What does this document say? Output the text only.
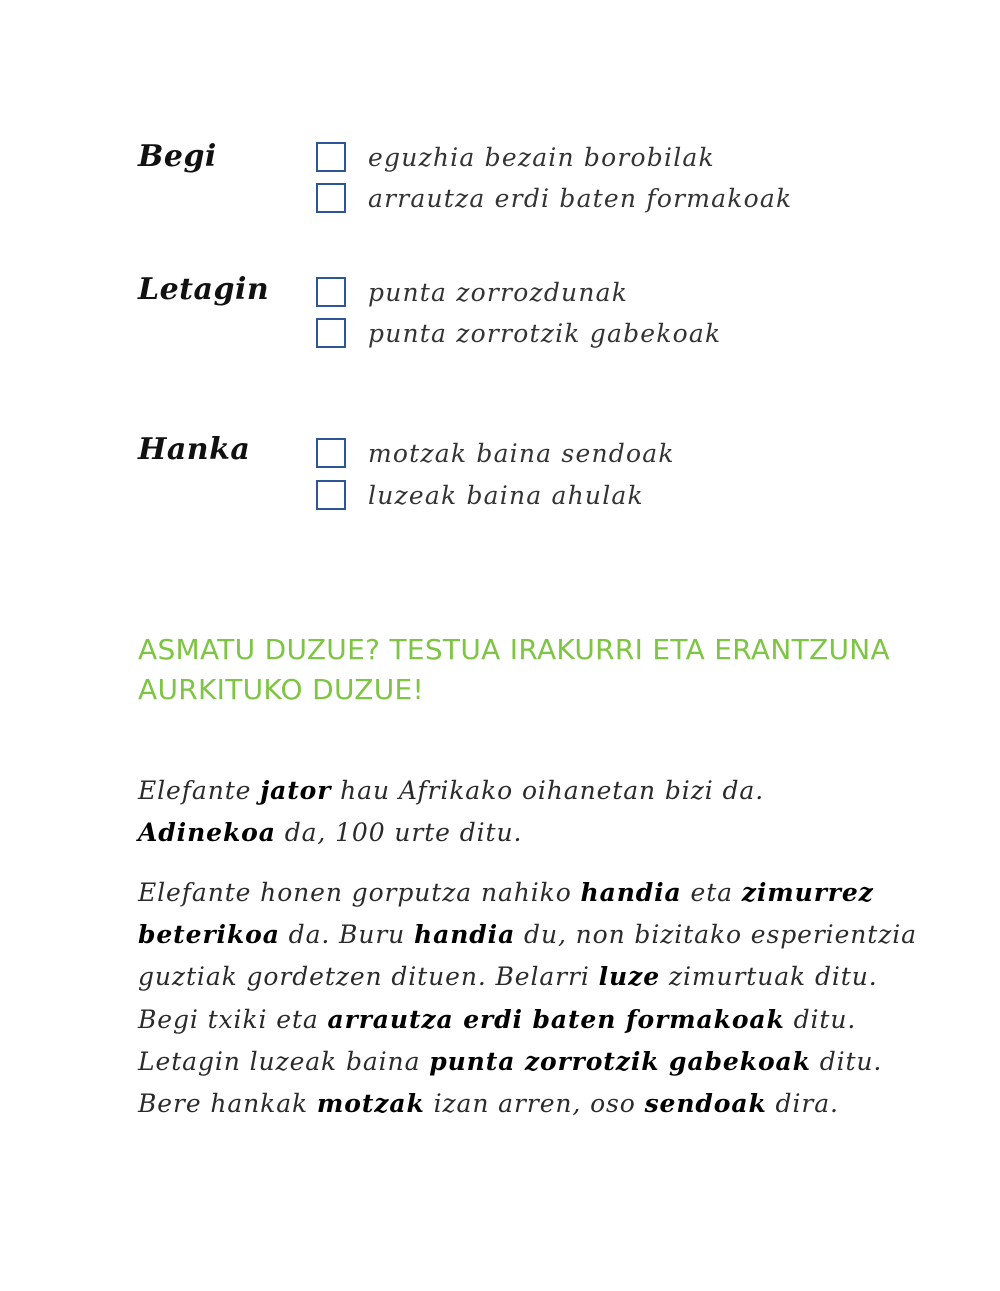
Begi	eguzhia bezain borobilak
arrautza erdi baten formakoak
Letagin	punta zorrozdunak
punta zorrotzik gabekoak
Hanka	motzak baina sendoak
luzeak baina ahulak
ASMATU DUZUE? TESTUA IRAKURRI ETA ERANTZUNA
AURKITUKO DUZUE!
Elefante jator hau Afrikako oihanetan bizi da. Adinekoa da, 100 urte ditu.
Elefante honen gorputza nahiko handia eta zimurrez beterikoa da. Buru handia du, non bizitako esperientzia guztiak gordetzen dituen. Belarri luze zimurtuak ditu. Begi txiki eta arrautza erdi baten formakoak ditu. Letagin luzeak baina punta zorrotzik gabekoak ditu. Bere hankak motzak izan arren, oso sendoak dira.
